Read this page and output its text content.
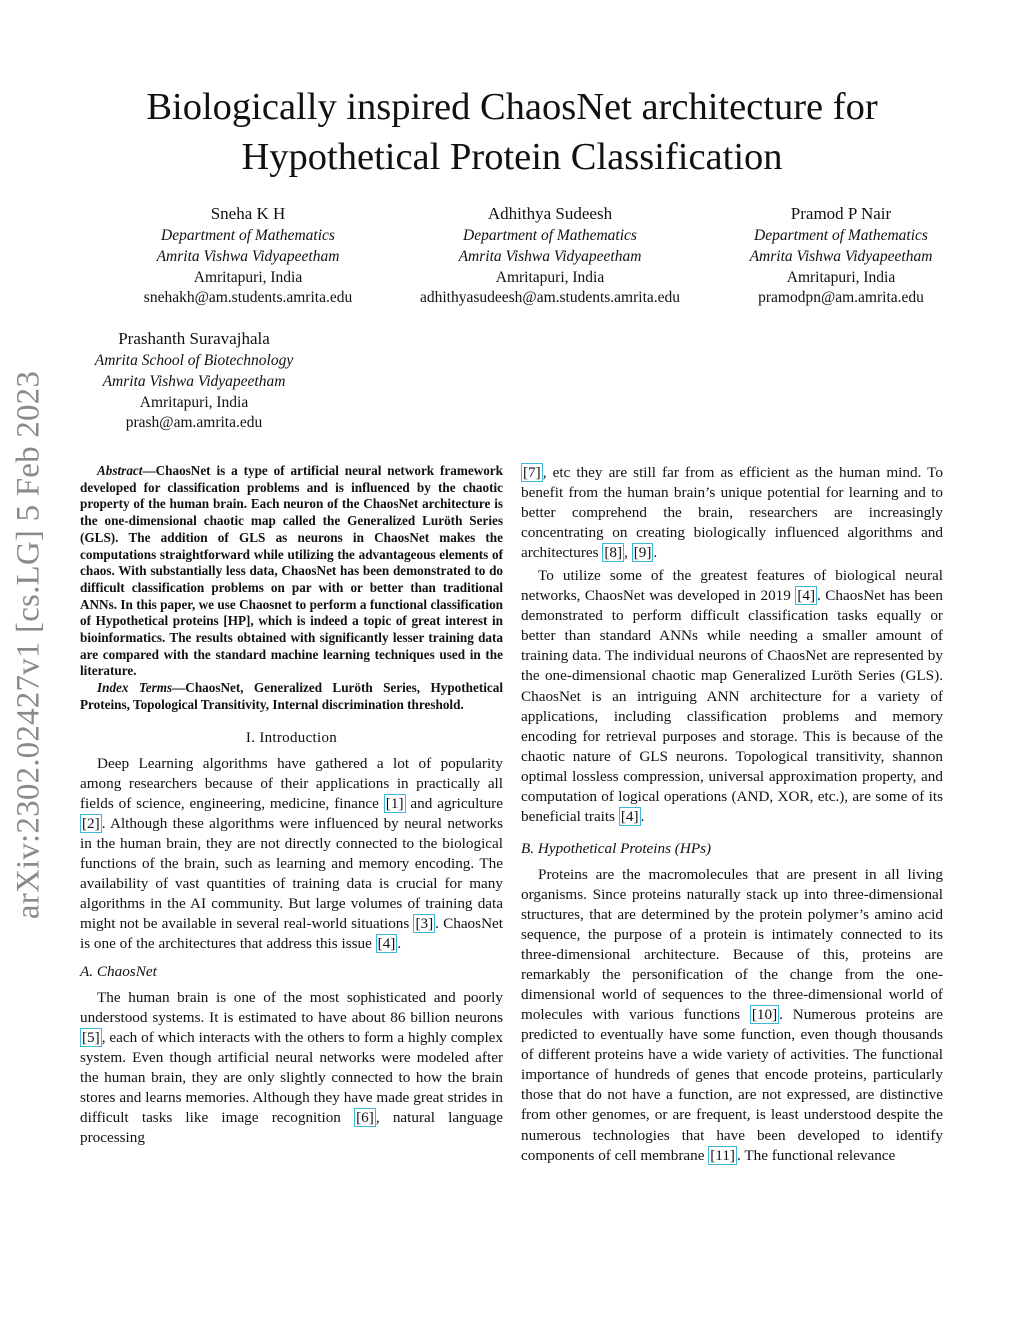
arXiv:2302.02427v1 [cs.LG] 5 Feb 2023
Biologically inspired ChaosNet architecture for
Hypothetical Protein Classification
Sneha K H
Department of Mathematics
Amrita Vishwa Vidyapeetham
Amritapuri, India
snehakh@am.students.amrita.edu
Adhithya Sudeesh
Department of Mathematics
Amrita Vishwa Vidyapeetham
Amritapuri, India
adhithyasudeesh@am.students.amrita.edu
Pramod P Nair
Department of Mathematics
Amrita Vishwa Vidyapeetham
Amritapuri, India
pramodpn@am.amrita.edu
Prashanth Suravajhala
Amrita School of Biotechnology
Amrita Vishwa Vidyapeetham
Amritapuri, India
prash@am.amrita.edu

Abstract—ChaosNet is a type of artificial neural network framework developed for classification problems and is influenced by the chaotic property of the human brain. Each neuron of the ChaosNet architecture is the one-dimensional chaotic map called the Generalized Luröth Series (GLS). The addition of GLS as neurons in ChaosNet makes the computations straightforward while utilizing the advantageous elements of chaos. With substantially less data, ChaosNet has been demonstrated to do difficult classification problems on par with or better than traditional ANNs. In this paper, we use Chaosnet to perform a functional classification of Hypothetical proteins [HP], which is indeed a topic of great interest in bioinformatics. The results obtained with significantly lesser training data are compared with the standard machine learning techniques used in the literature.

Index Terms—ChaosNet, Generalized Luröth Series, Hypothetical Proteins, Topological Transitivity, Internal discrimination threshold.

I. Introduction

Deep Learning algorithms have gathered a lot of popularity among researchers because of their applications in practically all fields of science, engineering, medicine, finance [1] and agriculture [2] . Although these algorithms were influenced by neural networks in the human brain, they are not directly connected to the biological functions of the brain, such as learning and memory encoding. The availability of vast quantities of training data is crucial for many algorithms in the AI community. But large volumes of training data might not be available in several real-world situations [3] . ChaosNet is one of the architectures that address this issue [4] .

A. ChaosNet

The human brain is one of the most sophisticated and poorly understood systems. It is estimated to have about 86 billion neurons [5] , each of which interacts with the others to form a highly complex system. Even though artificial neural networks were modeled after the human brain, they are only slightly connected to how the brain stores and learns memories. Although they have made great strides in difficult tasks like image recognition [6] , natural language processing

[7] , etc they are still far from as efficient as the human mind. To benefit from the human brain’s unique potential for learning and to better comprehend the brain, researchers are increasingly concentrating on creating biologically influenced algorithms and architectures [8] , [9] .

To utilize some of the greatest features of biological neural networks, ChaosNet was developed in 2019 [4] . ChaosNet has been demonstrated to perform difficult classification tasks equally or better than standard ANNs while needing a smaller amount of training data. The individual neurons of ChaosNet are represented by the one-dimensional chaotic map Generalized Luröth Series (GLS). ChaosNet is an intriguing ANN architecture for a variety of applications, including classification problems and memory encoding for retrieval purposes and storage. This is because of the chaotic nature of GLS neurons. Topological transitivity, shannon optimal lossless compression, universal approximation property, and computation of logical operations (AND, XOR, etc.), are some of its beneficial traits [4] .

B. Hypothetical Proteins (HPs)

Proteins are the macromolecules that are present in all living organisms. Since proteins naturally stack up into three-dimensional structures, that are determined by the protein polymer’s amino acid sequence, the purpose of a protein is intimately connected to its three-dimensional architecture. Because of this, proteins are remarkably the personification of the change from the one-dimensional world of sequences to the three-dimensional world of molecules with various functions [10] . Numerous proteins are predicted to eventually have some function, even though thousands of different proteins have a wide variety of activities. The functional importance of hundreds of genes that encode proteins, particularly those that do not have a function, are not expressed, are distinctive from other genomes, or are frequent, is least understood despite the numerous technologies that have been developed to identify components of cell membrane [11] . The functional relevance
